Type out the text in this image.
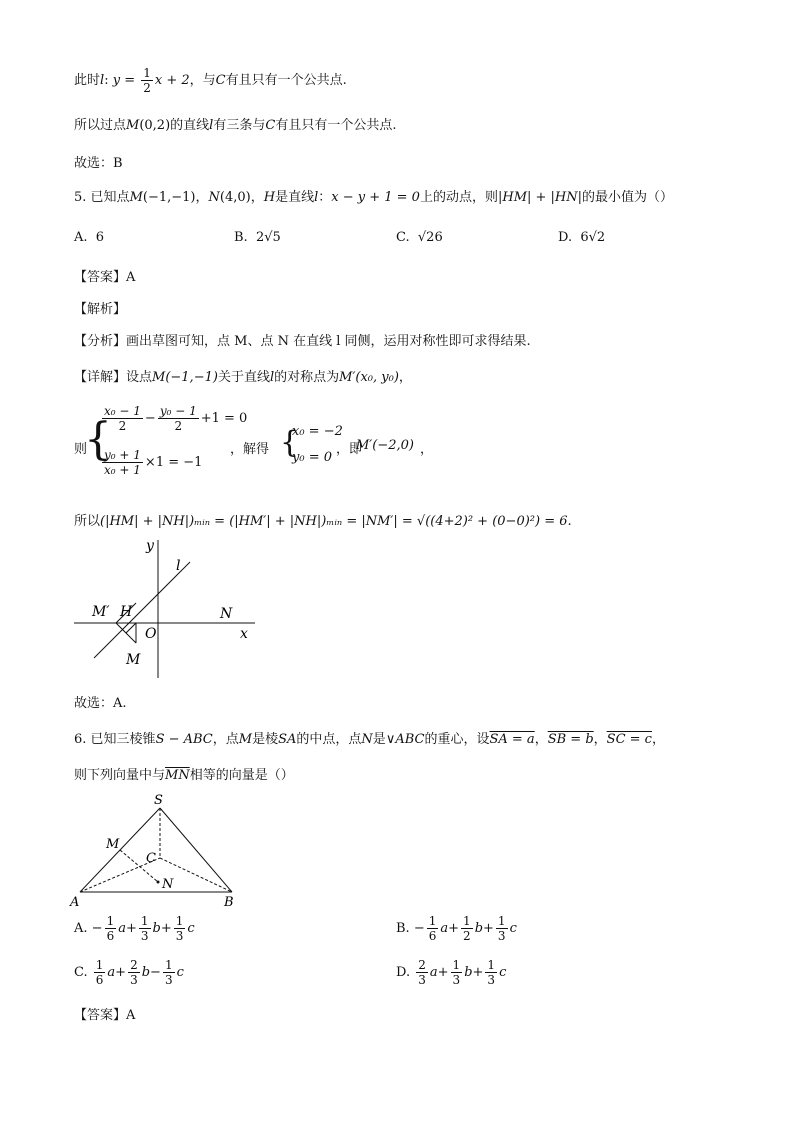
此时l: $y = \frac{1}{2}$ x + 2，与C有且只有一个公共点.
所以过点M(0,2)的直线l有三条与C有且只有一个公共点.
故选：B
5. 已知点M(−1,−1)，N(4,0)，H是直线l：x − y + 1 = 0上的动点，则|HM| + |HN|的最小值为（）
A. 6	B. 2√5	C. √26	D. 6√2
【答案】A
【解析】
【分析】画出草图可知，点 M、点 N 在直线 l 同侧，运用对称性即可求得结果.
【详解】设点M(−1,−1)关于直线l的对称点为M′(x₀, y₀)，
则
{
$\frac{\text{x₀ − 1}}{2} - \frac{\text{y₀ − 1}}{2} +1 = 0$
$\frac{\text{y₀ + 1}}{\text{x₀ + 1}} \times 1 = -1$
，解得 {
x₀ = −2
y₀ = 0
，即
M′(−2,0) ，
所以(|HM| + |NH|)ₘᵢₙ = (|HM′| + |NH|)ₘᵢₙ = |NM′| = √((4+2)² + (0−0)²) = 6.
y
l
M′ H	N
O	x
M
故选：A.
6. 已知三棱锥S − ABC，点M是棱SA的中点，点N是∨ABC的重心，设SA = a，SB = b，SC = c，
则下列向量中与$\overline{MN}$相等的向量是（）
S
M
C
N
A	B
A. − $\frac{1}{6} a+ \frac{1}{3} b+ \frac{1}{3}$ c	B. − $\frac{1}{6} a+ \frac{1}{2} b+ \frac{1}{3}$ c
C. $\frac{1}{6} a+ \frac{2}{3} b- \frac{1}{3}$ c	D. $\frac{2}{3} a+ \frac{1}{3} b+ \frac{1}{3}$ c
【答案】A
